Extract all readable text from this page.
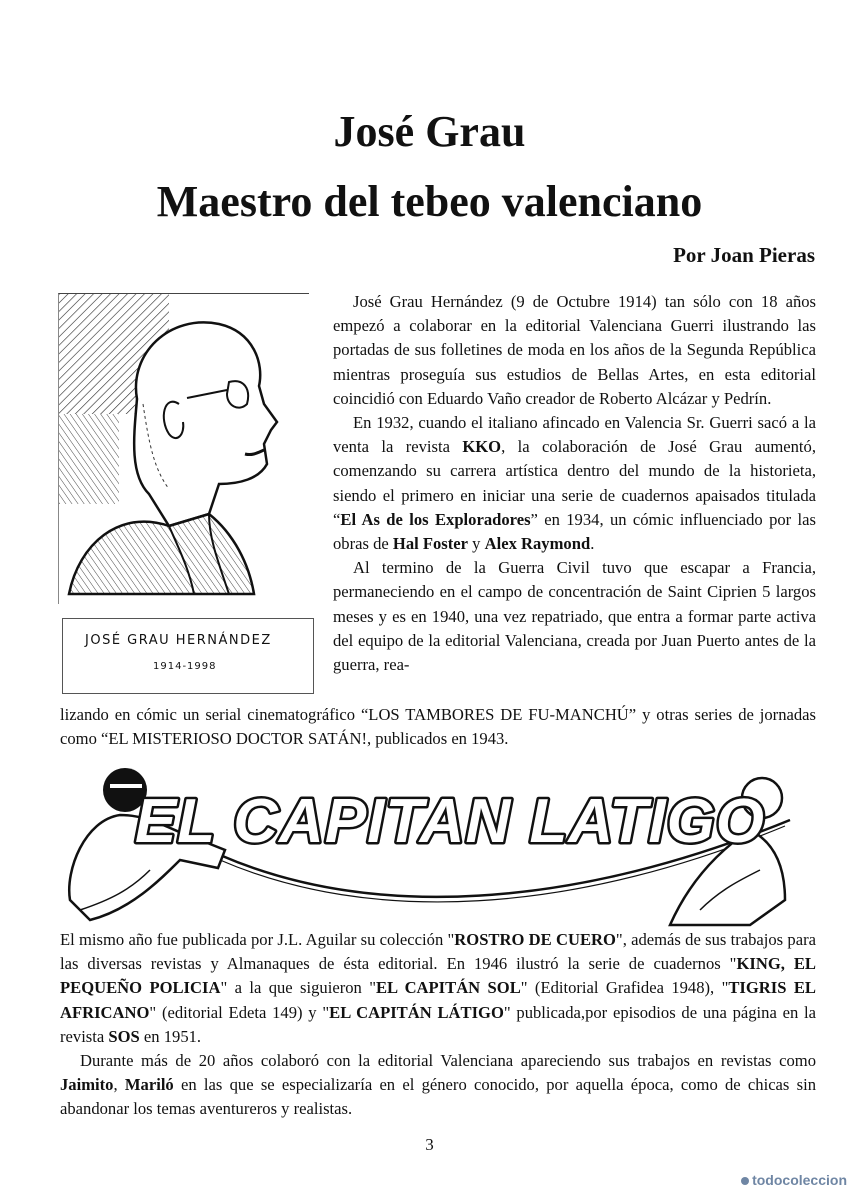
José Grau
Maestro del tebeo valenciano
Por Joan Pieras
JOSÉ GRAU HERNÁNDEZ
1914-1998

José Grau Hernández (9 de Octubre 1914) tan sólo con 18 años empezó a colaborar en la editorial Valenciana Guerri ilustrando las portadas de sus folletines de moda en los años de la Segunda República mientras proseguía sus estudios de Bellas Artes, en esta editorial coincidió con Eduardo Vaño creador de Roberto Alcázar y Pedrín.

En 1932, cuando el italiano afincado en Valencia Sr. Guerri sacó a la venta la revista KKO, la colaboración de José Grau aumentó, comenzando su carrera artística dentro del mundo de la historieta, siendo el primero en iniciar una serie de cuadernos apaisados titulada “El As de los Exploradores” en 1934, un cómic influenciado por las obras de Hal Foster y Alex Raymond.

Al termino de la Guerra Civil tuvo que escapar a Francia, permaneciendo en el campo de concentración de Saint Ciprien 5 largos meses y es en 1940, una vez repatriado, que entra a formar parte activa del equipo de la editorial Valenciana, creada por Juan Puerto antes de la guerra, rea-

lizando en cómic un serial cinematográfico “LOS TAMBORES DE FU-MANCHÚ” y otras series de jornadas como “EL MISTERIOSO DOCTOR SATÁN!, publicados en 1943.
EL CAPITAN LATIGO

El mismo año fue publicada por J.L. Aguilar su colección "ROSTRO DE CUERO", además de sus trabajos para las diversas revistas y Almanaques de ésta editorial. En 1946 ilustró la serie de cuadernos "KING, EL PEQUEÑO POLICIA" a la que siguieron "EL CAPITÁN SOL" (Editorial Grafidea 1948), "TIGRIS EL AFRICANO" (editorial Edeta 149) y "EL CAPITÁN LÁTIGO" publicada,por episodios de una página en la revista SOS en 1951.

Durante más de 20 años colaboró con la editorial Valenciana apareciendo sus trabajos en revistas como Jaimito, Mariló en las que se especializaría en el género conocido, por aquella época, como de chicas sin abandonar los temas aventureros y realistas.

3
todocoleccion
